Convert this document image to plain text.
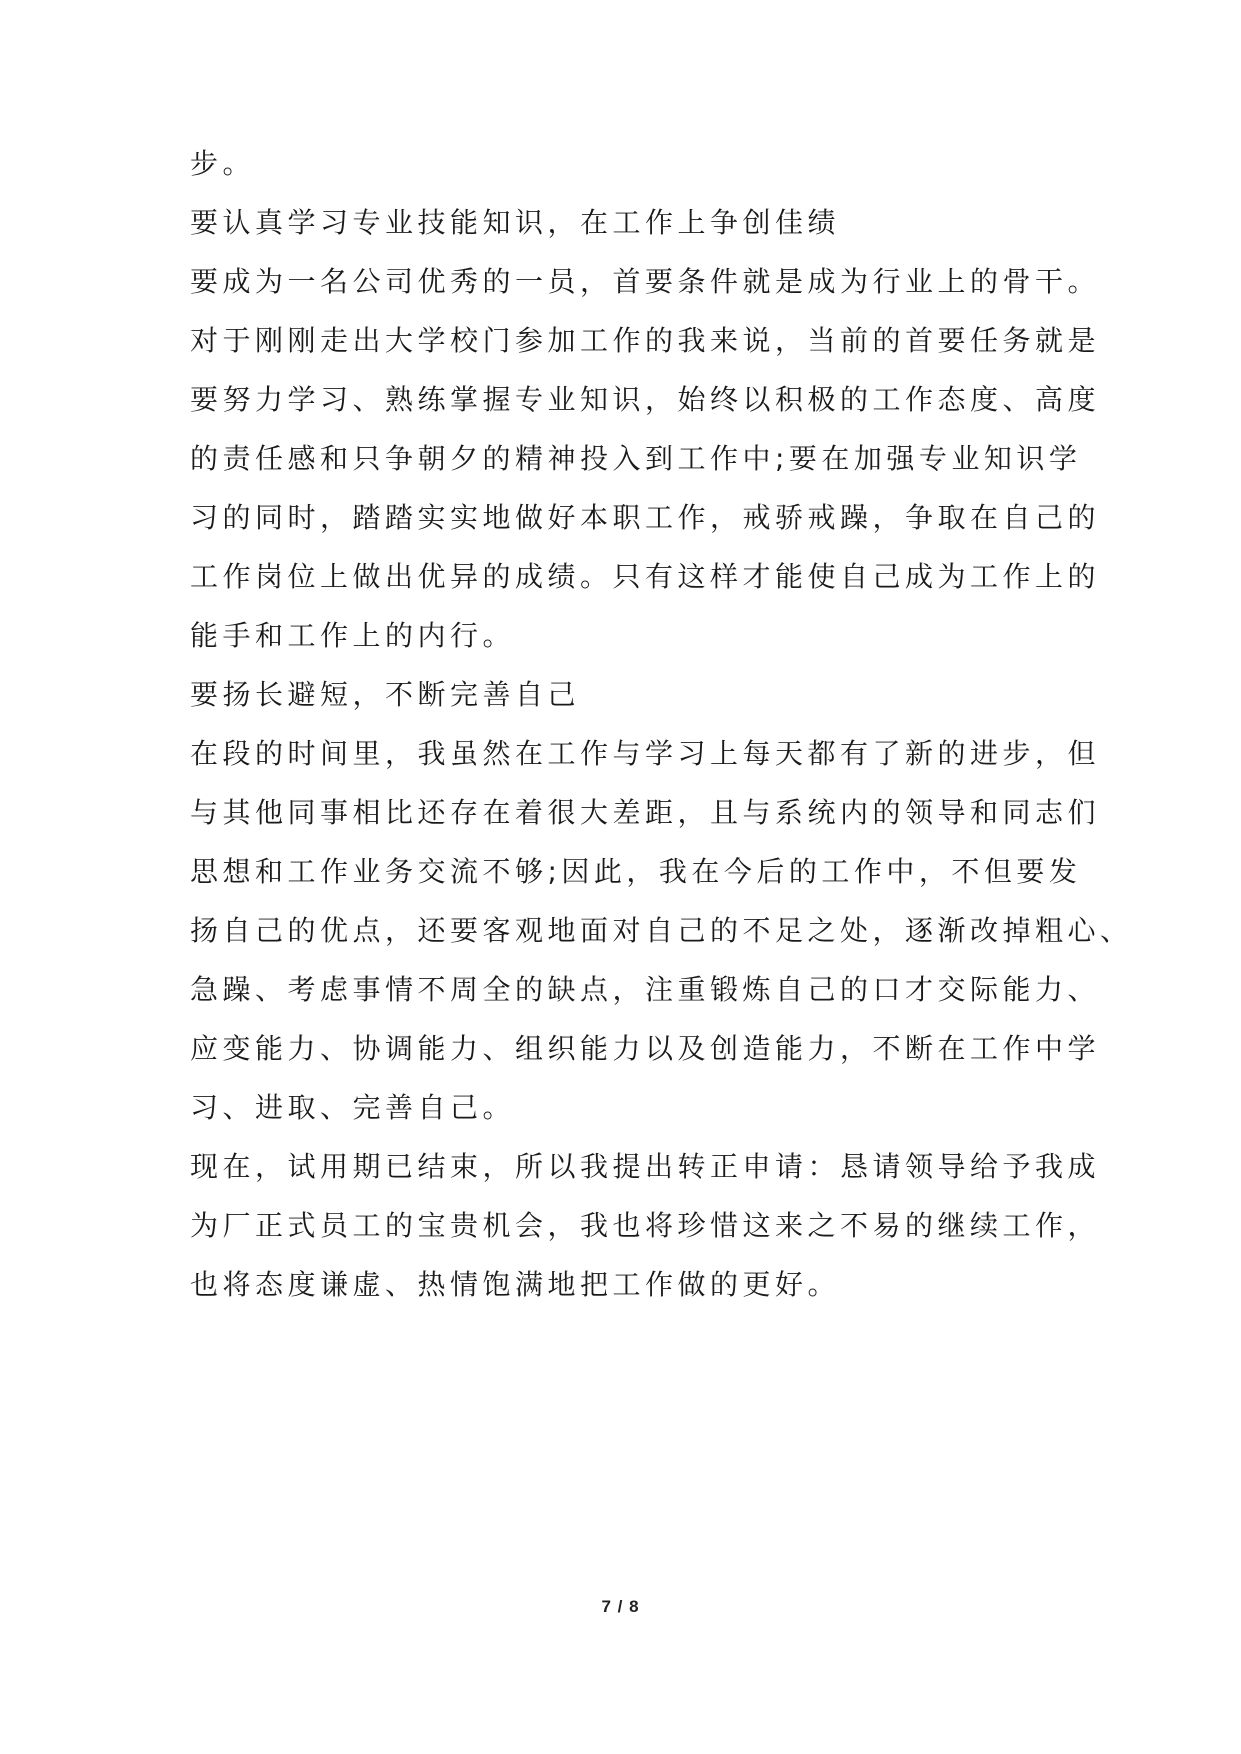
步。
要认真学习专业技能知识，在工作上争创佳绩
要成为一名公司优秀的一员，首要条件就是成为行业上的骨干。
对于刚刚走出大学校门参加工作的我来说，当前的首要任务就是
要努力学习、熟练掌握专业知识，始终以积极的工作态度、高度
的责任感和只争朝夕的精神投入到工作中;要在加强专业知识学
习的同时，踏踏实实地做好本职工作，戒骄戒躁，争取在自己的
工作岗位上做出优异的成绩。只有这样才能使自己成为工作上的
能手和工作上的内行。
要扬长避短，不断完善自己
在段的时间里，我虽然在工作与学习上每天都有了新的进步，但
与其他同事相比还存在着很大差距，且与系统内的领导和同志们
思想和工作业务交流不够;因此，我在今后的工作中，不但要发
扬自己的优点，还要客观地面对自己的不足之处，逐渐改掉粗心、
急躁、考虑事情不周全的缺点，注重锻炼自己的口才交际能力、
应变能力、协调能力、组织能力以及创造能力，不断在工作中学
习、进取、完善自己。
现在，试用期已结束，所以我提出转正申请：恳请领导给予我成
为厂正式员工的宝贵机会，我也将珍惜这来之不易的继续工作，
也将态度谦虚、热情饱满地把工作做的更好。
7 / 8
